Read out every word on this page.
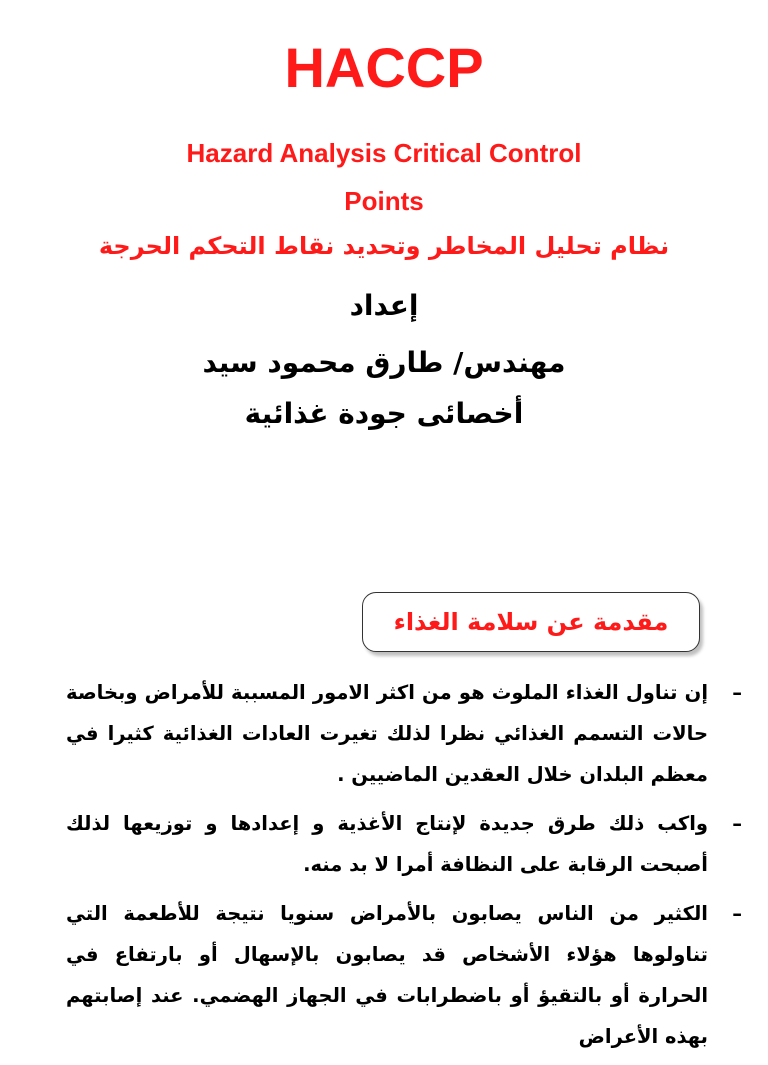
HACCP
Hazard Analysis Critical Control
Points
نظام تحليل المخاطر وتحديد نقاط التحكم الحرجة
إعداد
مهندس/ طارق محمود سيد
أخصائى جودة غذائية
مقدمة عن سلامة الغذاء
–
إن تناول الغذاء الملوث هو من اكثر الامور المسببة للأمراض وبخاصة حالات التسمم الغذائي نظرا لذلك تغيرت العادات الغذائية كثيرا في معظم البلدان خلال العقدين الماضيين .
–
واكب ذلك طرق جديدة لإنتاج الأغذية و إعدادها و توزيعها لذلك أصبحت الرقابة على النظافة أمرا لا بد منه.
–
الكثير من الناس يصابون بالأمراض سنويا نتيجة للأطعمة التي تناولوها هؤلاء الأشخاص قد يصابون بالإسهال أو بارتفاع في الحرارة أو بالتقيؤ أو باضطرابات في الجهاز الهضمي. عند إصابتهم بهذه الأعراض
